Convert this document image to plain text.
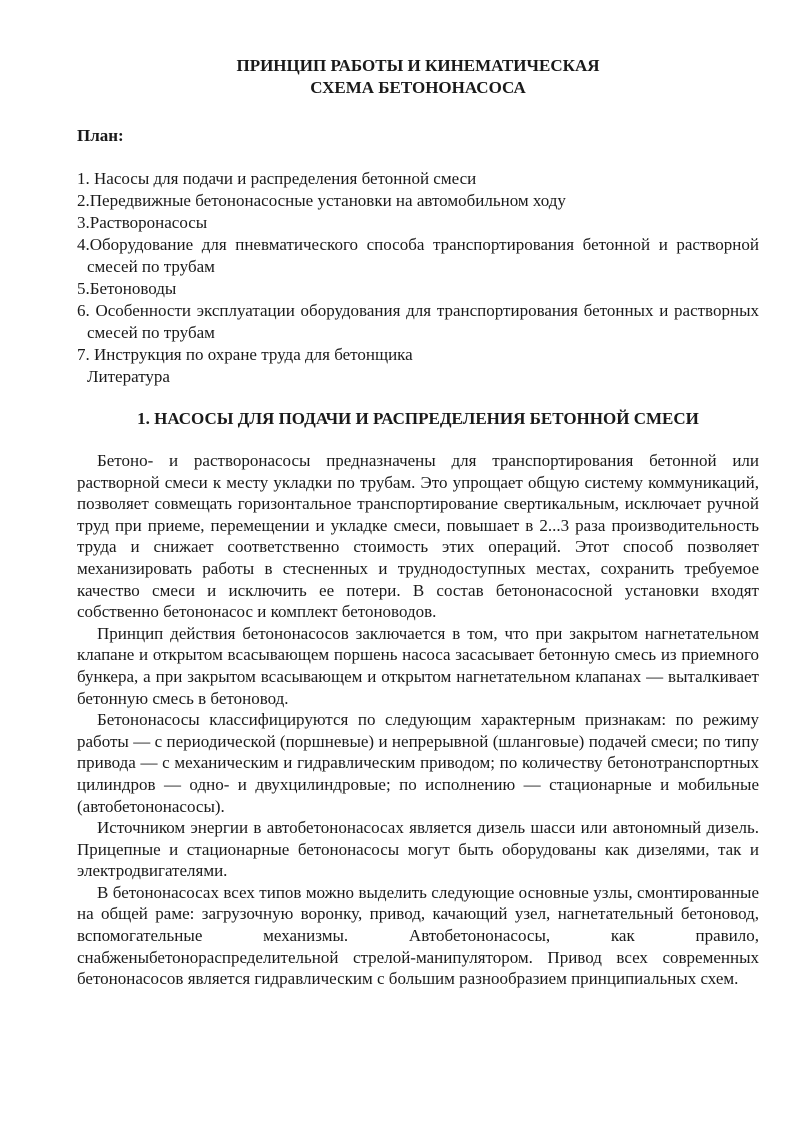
ПРИНЦИП РАБОТЫ И КИНЕМАТИЧЕСКАЯ
СХЕМА БЕТОНОНАСОСА
План:
1. Насосы для подачи и распределения бетонной смеси
2.Передвижные бетононасосные установки на автомобильном ходу
3.Растворонасосы
4.Оборудование для пневматического способа транспортирования бетонной и растворной смесей по трубам
5.Бетоноводы
6. Особенности эксплуатации оборудования для транспортирования бетонных и растворных смесей по трубам
7. Инструкция по охране труда для бетонщика
Литература
1. НАСОСЫ ДЛЯ ПОДАЧИ И РАСПРЕДЕЛЕНИЯ БЕТОННОЙ СМЕСИ

Бетоно- и растворонасосы предназначены для транспортирования бетонной или растворной смеси к месту укладки по трубам. Это упрощает общую систему коммуникаций, позволяет совмещать горизонтальное транспортирование свертикальным, исключает ручной труд при приеме, перемещении и укладке смеси, повышает в 2...3 раза производительность труда и снижает соответственно стоимость этих операций. Этот способ позволяет механизировать работы в стесненных и труднодоступных местах, сохранить требуемое качество смеси и исключить ее потери. В состав бетононасосной установки входят собственно бетононасос и комплект бетоноводов.

Принцип действия бетононасосов заключается в том, что при закрытом нагнетательном клапане и открытом всасывающем поршень насоса засасывает бетонную смесь из приемного бункера, а при закрытом всасывающем и открытом нагнетательном клапанах — выталкивает бетонную смесь в бетоновод.

Бетононасосы классифицируются по следующим характерным признакам: по режиму работы — с периодической (поршневые) и непрерывной (шланговые) подачей смеси; по типу привода — с механическим и гидравлическим приводом; по количеству бетонотранспортных цилиндров — одно- и двухцилиндровые; по исполнению — стационарные и мобильные (автобетононасосы).

Источником энергии в автобетононасосах является дизель шасси или автономный дизель. Прицепные и стационарные бетононасосы могут быть оборудованы как дизелями, так и электродвигателями.

В бетононасосах всех типов можно выделить следующие основные узлы, смонтированные на общей раме: загрузочную воронку, привод, качающий узел, нагнетательный бетоновод, вспомогательные механизмы. Автобетононасосы, как правило, снабженыбетонораспределительной стрелой-манипулятором. Привод всех современных бетононасосов является гидравлическим с большим разнообразием принципиальных схем.
